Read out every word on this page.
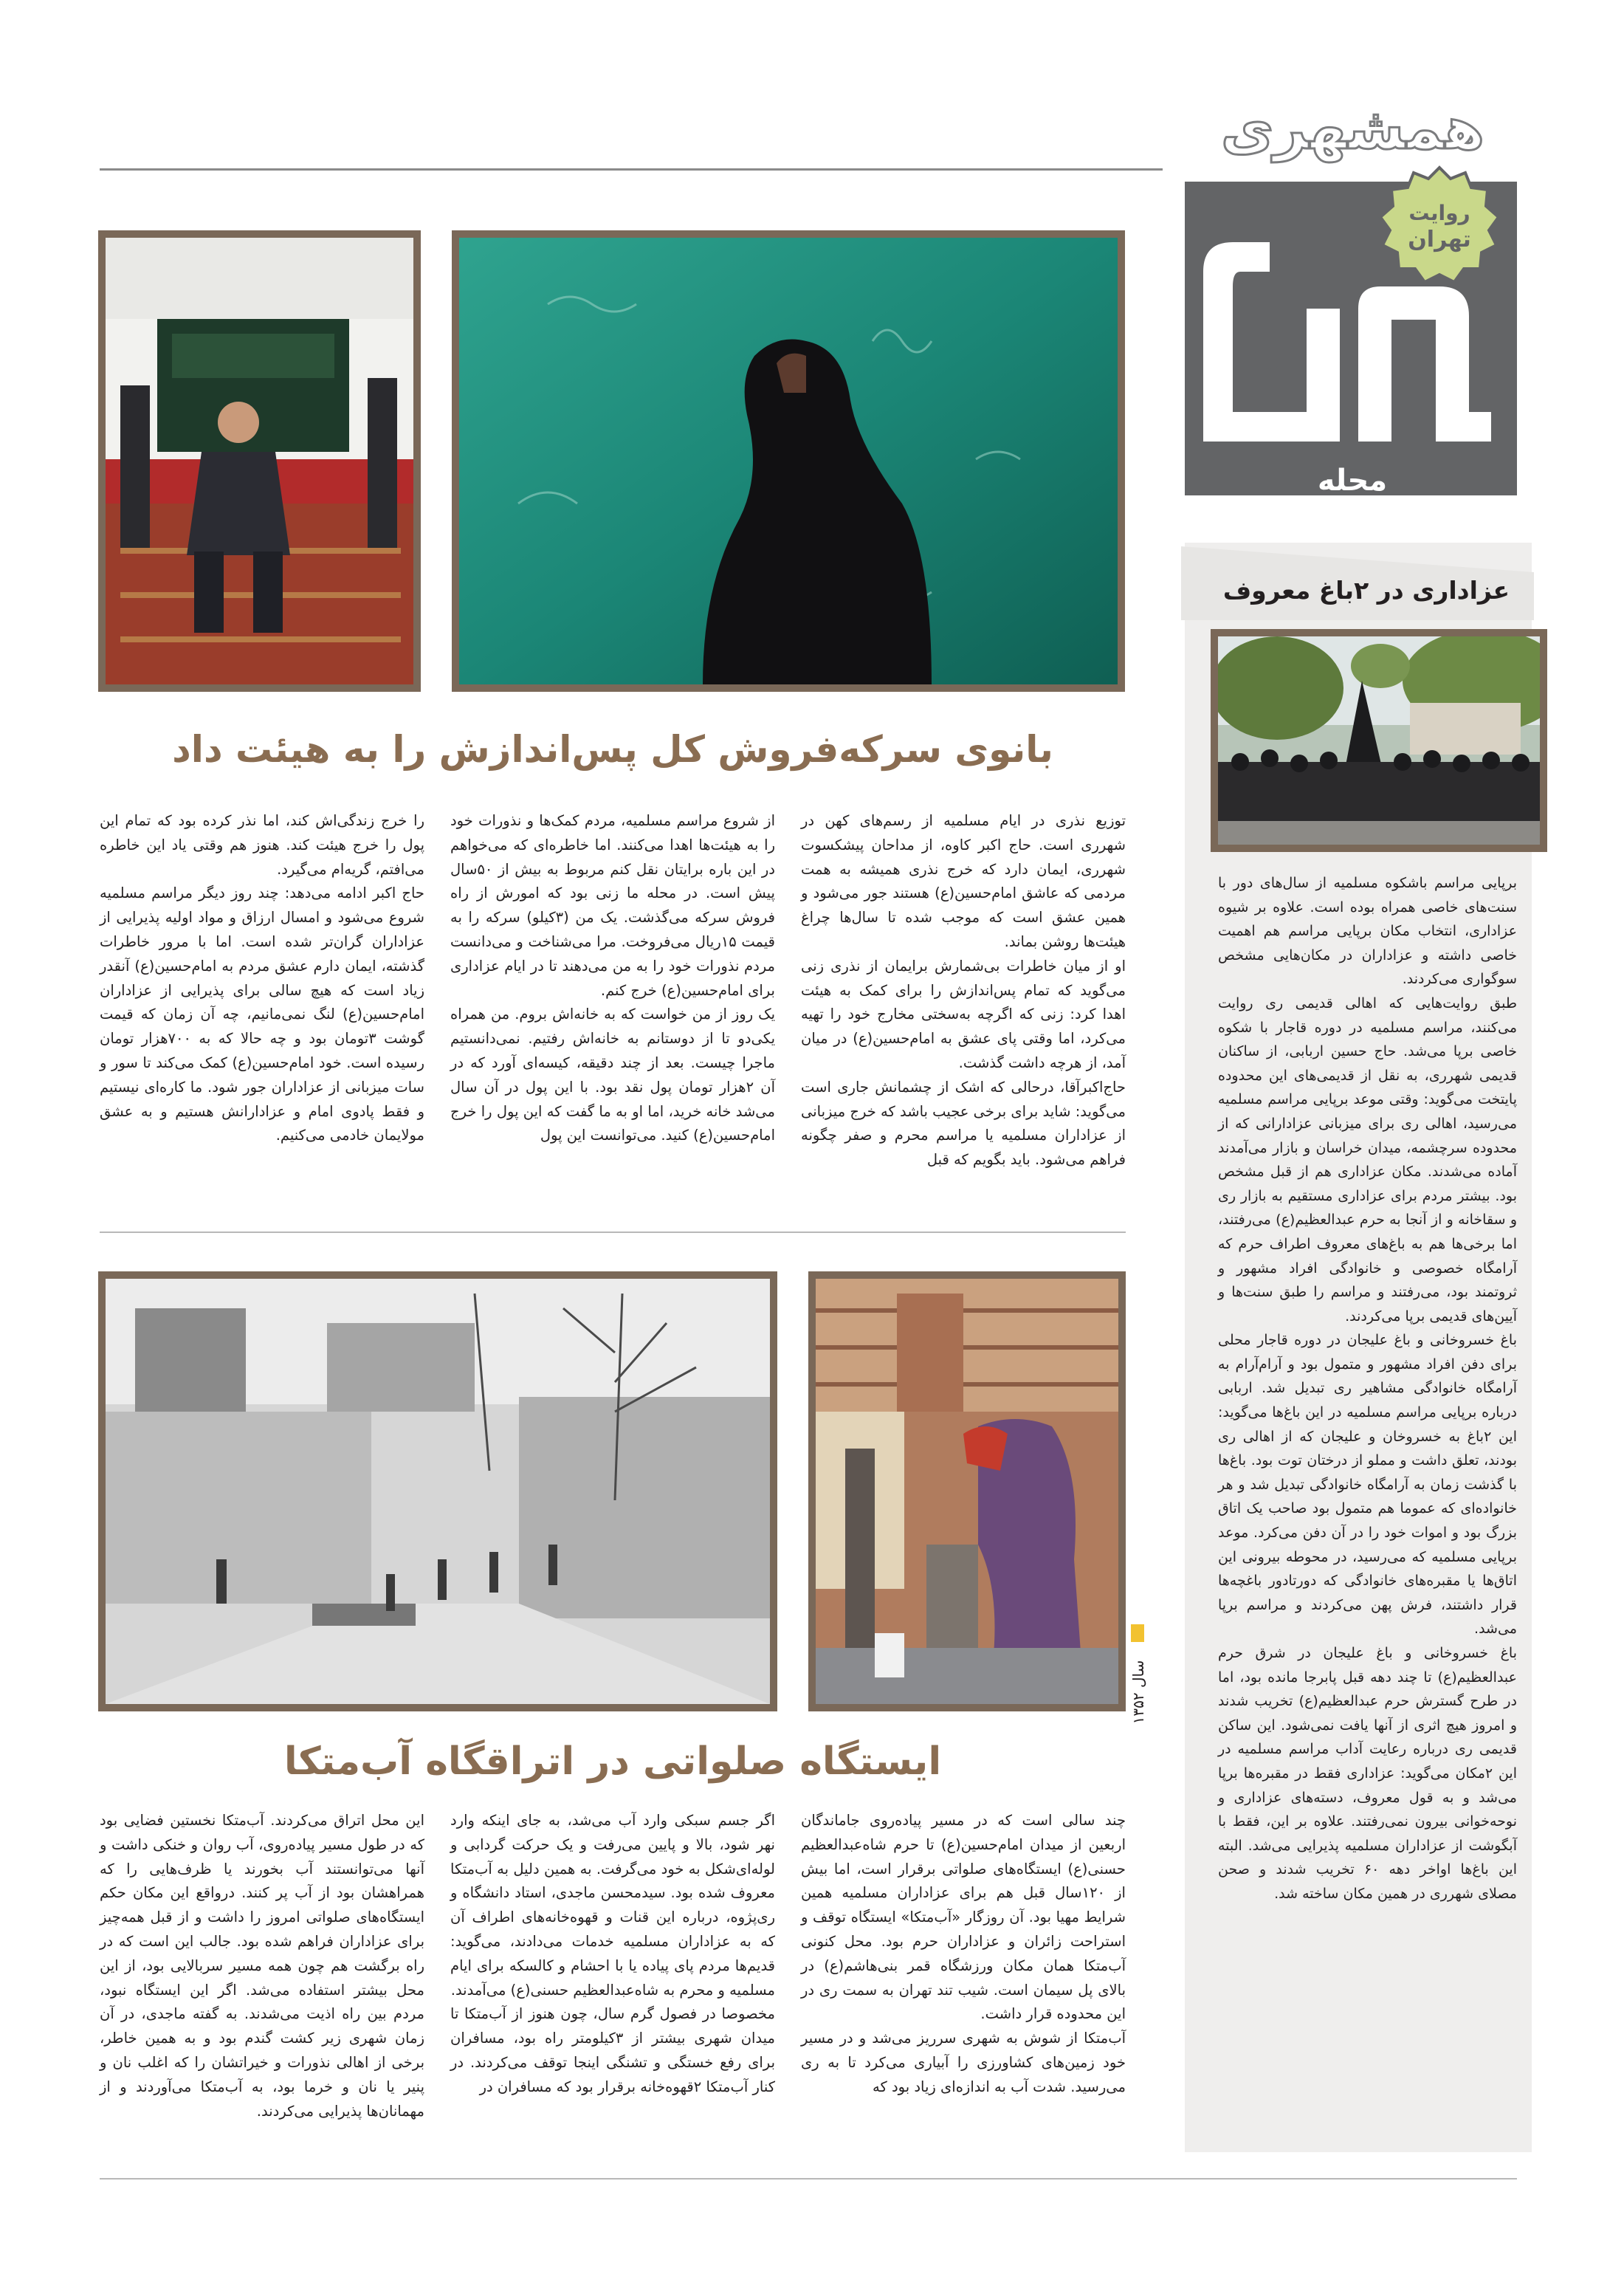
همشهری
محله
روایت
تهران
عزاداری در ۲باغ معروف
برپایی مراسم باشکوه مسلمیه از سال‌های دور با سنت‌های خاصی همراه بوده است. علاوه بر شیوه عزاداری، انتخاب مکان برپایی مراسم هم اهمیت خاصی داشته و عزاداران در مکان‌هایی مشخص سوگواری می‌کردند.
طبق روایت‌هایی که اهالی قدیمی ری روایت می‌کنند، مراسم مسلمیه در دوره قاجار با شکوه خاصی برپا می‌شد. حاج حسین اربابی، از ساکنان قدیمی شهرری، به نقل از قدیمی‌های این محدوده پایتخت می‌گوید: وقتی موعد برپایی مراسم مسلمیه می‌رسید، اهالی ری برای میزبانی عزادارانی که از محدوده سرچشمه، میدان خراسان و بازار می‌آمدند آماده می‌شدند. مکان عزاداری هم از قبل مشخص بود. بیشتر مردم برای عزاداری مستقیم به بازار ری و سقاخانه و از آنجا به حرم عبدالعظیم(ع) می‌رفتند، اما برخی‌ها هم به باغ‌های معروف اطراف حرم که آرامگاه خصوصی و خانوادگی افراد مشهور و ثروتمند بود، می‌رفتند و مراسم را طبق سنت‌ها و آیین‌های قدیمی برپا می‌کردند.
باغ خسروخانی و باغ علیجان در دوره قاجار محلی برای دفن افراد مشهور و متمول بود و آرام‌آرام به آرامگاه خانوادگی مشاهیر ری تبدیل شد. اربابی درباره برپایی مراسم مسلمیه در این باغ‌ها می‌گوید: این ۲باغ به خسروخان و علیجان که از اهالی ری بودند، تعلق داشت و مملو از درختان توت بود. باغ‌ها با گذشت زمان به آرامگاه خانوادگی تبدیل شد و هر خانواده‌ای که عموما هم متمول بود صاحب یک اتاق بزرگ بود و اموات خود را در آن دفن می‌کرد. موعد برپایی مسلمیه که می‌رسید، در محوطه بیرونی این اتاق‌ها یا مقبره‌های خانوادگی که دورتادور باغچه‌ها قرار داشتند، فرش پهن می‌کردند و مراسم برپا می‌شد.
باغ خسروخانی و باغ علیجان در شرق حرم عبدالعظیم(ع) تا چند دهه قبل پابرجا مانده بود، اما در طرح گسترش حرم عبدالعظیم(ع) تخریب شدند و امروز هیچ اثری از آنها یافت نمی‌شود. این ساکن قدیمی ری درباره رعایت آداب مراسم مسلمیه در این ۲مکان می‌گوید: عزاداری فقط در مقبره‌ها برپا می‌شد و به قول معروف، دسته‌های عزاداری و نوحه‌خوانی بیرون نمی‌رفتند. علاوه بر این، فقط با آبگوشت از عزاداران مسلمیه پذیرایی می‌شد. البته این باغ‌ها اواخر دهه ۶۰ تخریب شدند و صحن مصلای شهرری در همین مکان ساخته شد.
بانوی سرکه‌فروش کل پس‌اندازش را به هیئت داد
توزیع نذری در ایام مسلمیه از رسم‌های کهن در شهرری است. حاج اکبر کاوه، از مداحان پیشکسوت شهرری، ایمان دارد که خرج نذری همیشه به همت مردمی که عاشق امام‌حسین(ع) هستند جور می‌شود و همین عشق است که موجب شده تا سال‌ها چراغ هیئت‌ها روشن بماند.
او از میان خاطرات بی‌شمارش برایمان از نذری زنی می‌گوید که تمام پس‌اندازش را برای کمک به هیئت اهدا کرد: زنی که اگرچه به‌سختی مخارج خود را تهیه می‌کرد، اما وقتی پای عشق به امام‌حسین(ع) در میان آمد، از هرچه داشت گذشت.
حاج‌اکبرآقا، درحالی که اشک از چشمانش جاری است می‌گوید: شاید برای برخی عجیب باشد که خرج میزبانی از عزاداران مسلمیه یا مراسم محرم و صفر چگونه فراهم می‌شود. باید بگویم که قبل
از شروع مراسم مسلمیه، مردم کمک‌ها و نذورات خود را به هیئت‌ها اهدا می‌کنند. اما خاطره‌ای که می‌خواهم در این باره برایتان نقل کنم مربوط به بیش از ۵۰سال پیش است. در محله ما زنی بود که امورش از راه فروش سرکه می‌گذشت. یک من (۳کیلو) سرکه را به قیمت ۱۵ریال می‌فروخت. مرا می‌شناخت و می‌دانست مردم نذورات خود را به من می‌دهند تا در ایام عزاداری برای امام‌حسین(ع) خرج کنم.
یک روز از من خواست که به خانه‌اش بروم. من همراه یکی‌دو تا از دوستانم به خانه‌اش رفتیم. نمی‌دانستیم ماجرا چیست. بعد از چند دقیقه، کیسه‌ای آورد که در آن ۲هزار تومان پول نقد بود. با این پول در آن سال می‌شد خانه خرید، اما او به ما گفت که این پول را خرج امام‌حسین(ع) کنید. می‌توانست این پول
را خرج زندگی‌اش کند، اما نذر کرده بود که تمام این پول را خرج هیئت کند. هنوز هم وقتی یاد این خاطره می‌افتم، گریه‌ام می‌گیرد.
حاج اکبر ادامه می‌دهد: چند روز دیگر مراسم مسلمیه شروع می‌شود و امسال ارزاق و مواد اولیه پذیرایی از عزاداران گران‌تر شده است. اما با مرور خاطرات گذشته، ایمان دارم عشق مردم به امام‌حسین(ع) آنقدر زیاد است که هیچ سالی برای پذیرایی از عزاداران امام‌حسین(ع) لنگ نمی‌مانیم، چه آن زمان که قیمت گوشت ۳تومان بود و چه حالا که به ۷۰۰هزار تومان رسیده است. خود امام‌حسین(ع) کمک می‌کند تا سور و سات میزبانی از عزاداران جور شود. ما کاره‌ای نیستیم و فقط پادوی امام و عزادارانش هستیم و به عشق مولایمان خادمی می‌کنیم.
سال ۱۳۵۲
ایستگاه صلواتی در اتراقگاه آب‌متکا
چند سالی است که در مسیر پیاده‌روی جاماندگان اربعین از میدان امام‌حسین(ع) تا حرم شاه‌عبدالعظیم حسنی(ع) ایستگاه‌های صلواتی برقرار است، اما بیش از ۱۲۰سال قبل هم برای عزاداران مسلمیه همین شرایط مهیا بود. آن روزگار «آب‌متکا» ایستگاه توقف و استراحت زائران و عزاداران حرم بود. محل کنونی آب‌متکا همان مکان ورزشگاه قمر بنی‌هاشم(ع) در بالای پل سیمان است. شیب تند تهران به سمت ری در این محدوده قرار داشت.
آب‌متکا از شوش به شهری سرریز می‌شد و در مسیر خود زمین‌های کشاورزی را آبیاری می‌کرد تا به ری می‌رسید. شدت آب به اندازه‌ای زیاد بود که
اگر جسم سبکی وارد آب می‌شد، به جای اینکه وارد نهر شود، بالا و پایین می‌رفت و یک حرکت گردابی و لوله‌ای‌شکل به خود می‌گرفت. به همین دلیل به آب‌متکا معروف شده بود. سیدمحسن ماجدی، استاد دانشگاه و ری‌پژوه، درباره این قنات و قهوه‌خانه‌های اطراف آن که به عزاداران مسلمیه خدمات می‌دادند، می‌گوید: قدیم‌ها مردم پای پیاده یا با احشام و کالسکه برای ایام مسلمیه و محرم به شاه‌عبدالعظیم حسنی(ع) می‌آمدند.
مخصوصا در فصول گرم سال، چون هنوز از آب‌متکا تا میدان شهری بیشتر از ۳کیلومتر راه بود، مسافران برای رفع خستگی و تشنگی اینجا توقف می‌کردند. در کنار آب‌متکا ۲قهوه‌خانه برقرار بود که مسافران در
این محل اتراق می‌کردند. آب‌متکا نخستین فضایی بود که در طول مسیر پیاده‌روی، آب روان و خنکی داشت و آنها می‌توانستند آب بخورند یا ظرف‌هایی را که همراهشان بود از آب پر کنند. درواقع این مکان حکم ایستگاه‌های صلواتی امروز را داشت و از قبل همه‌چیز برای عزاداران فراهم شده بود. جالب این است که در راه برگشت هم چون همه مسیر سربالایی بود، از این محل بیشتر استفاده می‌شد. اگر این ایستگاه نبود، مردم بین راه اذیت می‌شدند. به گفته ماجدی، در آن زمان شهری زیر کشت گندم بود و به همین خاطر، برخی از اهالی نذورات و خیراتشان را که اغلب نان و پنیر یا نان و خرما بود، به آب‌متکا می‌آوردند و از مهمانان‌ها پذیرایی می‌کردند.
